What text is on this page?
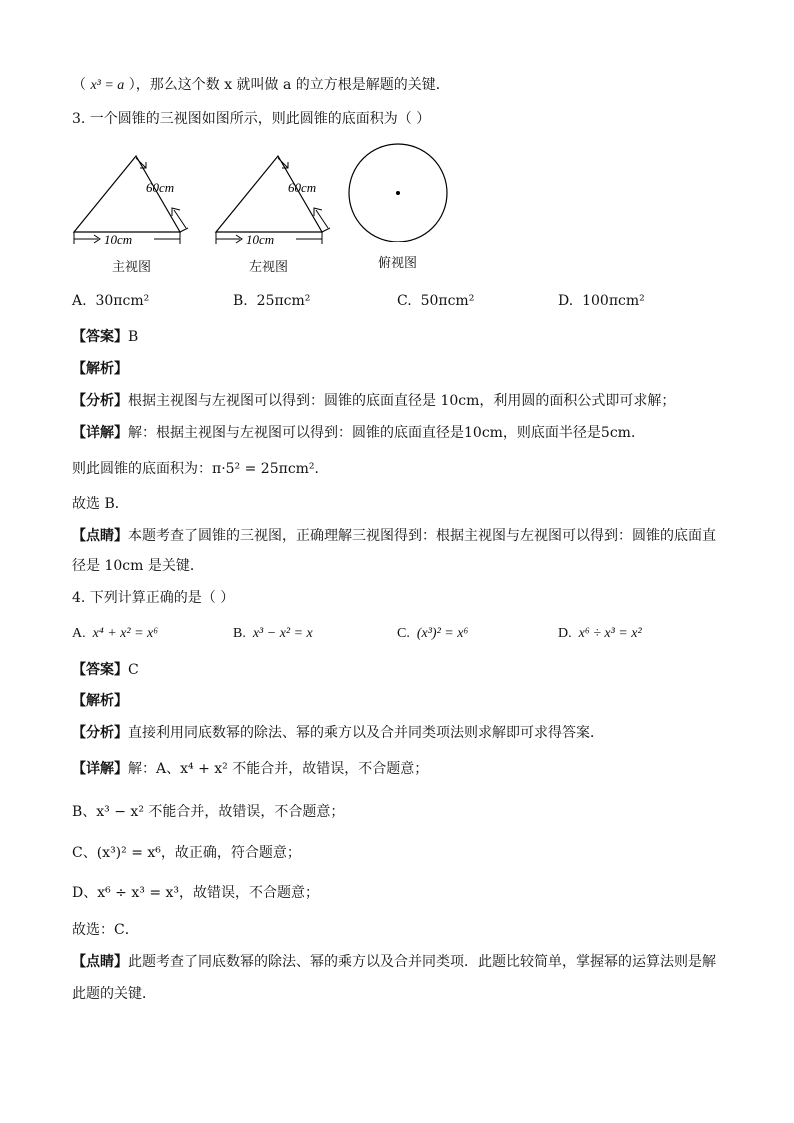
（ x³ = a ），那么这个数 x 就叫做 a 的立方根是解题的关键．
3. 一个圆锥的三视图如图所示，则此圆锥的底面积为（ ）
60cm
10cm
主视图
60cm
10cm
左视图	俯视图
A. 30πcm²	B. 25πcm²	C. 50πcm²	D. 100πcm²
【答案】B
【解析】
【分析】根据主视图与左视图可以得到：圆锥的底面直径是 10cm，利用圆的面积公式即可求解；
【详解】解：根据主视图与左视图可以得到：圆锥的底面直径是10cm，则底面半径是5cm．
则此圆锥的底面积为：π·5² = 25πcm²．
故选 B．
【点睛】本题考查了圆锥的三视图，正确理解三视图得到：根据主视图与左视图可以得到：圆锥的底面直
径是 10cm 是关键．
4. 下列计算正确的是（ ）
A. x⁴ + x² = x⁶	B. x³ − x² = x	C. (x³)² = x⁶	D. x⁶ ÷ x³ = x²
【答案】C
【解析】
【分析】直接利用同底数幂的除法、幂的乘方以及合并同类项法则求解即可求得答案．
【详解】解：A、x⁴ + x² 不能合并，故错误，不合题意；
B、x³ − x² 不能合并，故错误，不合题意；
C、(x³)² = x⁶，故正确，符合题意；
D、x⁶ ÷ x³ = x³，故错误，不合题意；
故选：C．
【点睛】此题考查了同底数幂的除法、幂的乘方以及合并同类项．此题比较简单，掌握幂的运算法则是解
此题的关键．
